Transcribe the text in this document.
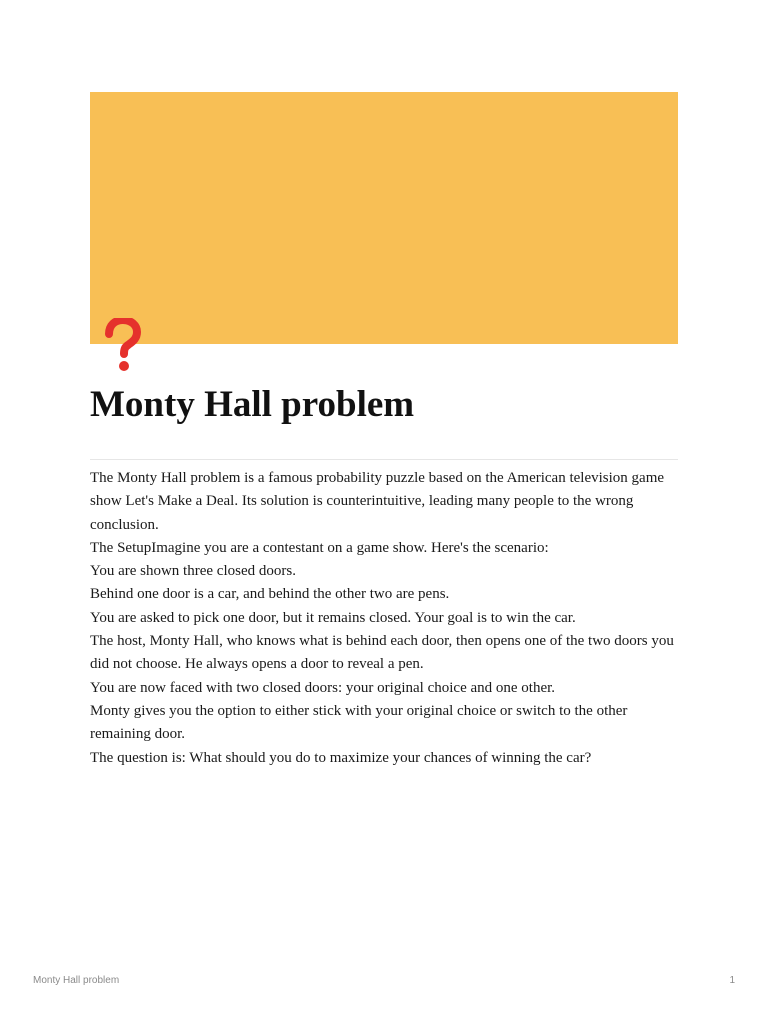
Monty Hall problem

The Monty Hall problem is a famous probability puzzle based on the American television game show Let's Make a Deal. Its solution is counterintuitive, leading many people to the wrong conclusion.

The SetupImagine you are a contestant on a game show. Here's the scenario:

You are shown three closed doors.

Behind one door is a car, and behind the other two are pens.

You are asked to pick one door, but it remains closed. Your goal is to win the car.

The host, Monty Hall, who knows what is behind each door, then opens one of the two doors you did not choose. He always opens a door to reveal a pen.

You are now faced with two closed doors: your original choice and one other.

Monty gives you the option to either stick with your original choice or switch to the other remaining door.

The question is: What should you do to maximize your chances of winning the car?

Monty Hall problem	1
